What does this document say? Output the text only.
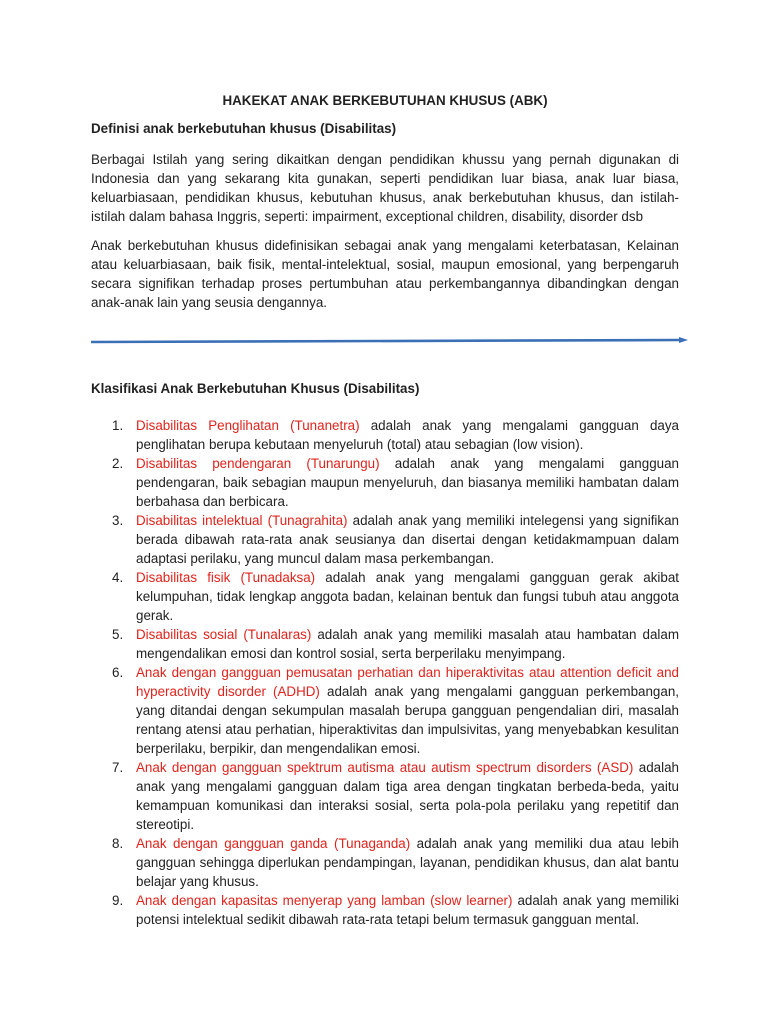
HAKEKAT ANAK BERKEBUTUHAN KHUSUS (ABK)
Definisi anak berkebutuhan khusus (Disabilitas)

Berbagai Istilah yang sering dikaitkan dengan pendidikan khussu yang pernah digunakan di Indonesia dan yang sekarang kita gunakan, seperti pendidikan luar biasa, anak luar biasa, keluarbiasaan, pendidikan khusus, kebutuhan khusus, anak berkebutuhan khusus, dan istilah-istilah dalam bahasa Inggris, seperti: impairment, exceptional children, disability, disorder dsb

Anak berkebutuhan khusus didefinisikan sebagai anak yang mengalami keterbatasan, Kelainan atau keluarbiasaan, baik fisik, mental-intelektual, sosial, maupun emosional, yang berpengaruh secara signifikan terhadap proses pertumbuhan atau perkembangannya dibandingkan dengan anak-anak lain yang seusia dengannya.

Klasifikasi Anak Berkebutuhan Khusus (Disabilitas)
1. Disabilitas Penglihatan (Tunanetra) adalah anak yang mengalami gangguan daya penglihatan berupa kebutaan menyeluruh (total) atau sebagian (low vision).
2. Disabilitas pendengaran (Tunarungu) adalah anak yang mengalami gangguan pendengaran, baik sebagian maupun menyeluruh, dan biasanya memiliki hambatan dalam berbahasa dan berbicara.
3. Disabilitas intelektual (Tunagrahita) adalah anak yang memiliki intelegensi yang signifikan berada dibawah rata-rata anak seusianya dan disertai dengan ketidakmampuan dalam adaptasi perilaku, yang muncul dalam masa perkembangan.
4. Disabilitas fisik (Tunadaksa) adalah anak yang mengalami gangguan gerak akibat kelumpuhan, tidak lengkap anggota badan, kelainan bentuk dan fungsi tubuh atau anggota gerak.
5. Disabilitas sosial (Tunalaras) adalah anak yang memiliki masalah atau hambatan dalam mengendalikan emosi dan kontrol sosial, serta berperilaku menyimpang.
6. Anak dengan gangguan pemusatan perhatian dan hiperaktivitas atau attention deficit and hyperactivity disorder (ADHD) adalah anak yang mengalami gangguan perkembangan, yang ditandai dengan sekumpulan masalah berupa gangguan pengendalian diri, masalah rentang atensi atau perhatian, hiperaktivitas dan impulsivitas, yang menyebabkan kesulitan berperilaku, berpikir, dan mengendalikan emosi.
7. Anak dengan gangguan spektrum autisma atau autism spectrum disorders (ASD) adalah anak yang mengalami gangguan dalam tiga area dengan tingkatan berbeda-beda, yaitu kemampuan komunikasi dan interaksi sosial, serta pola-pola perilaku yang repetitif dan stereotipi.
8. Anak dengan gangguan ganda (Tunaganda) adalah anak yang memiliki dua atau lebih gangguan sehingga diperlukan pendampingan, layanan, pendidikan khusus, dan alat bantu belajar yang khusus.
9. Anak dengan kapasitas menyerap yang lamban (slow learner) adalah anak yang memiliki potensi intelektual sedikit dibawah rata-rata tetapi belum termasuk gangguan mental.
